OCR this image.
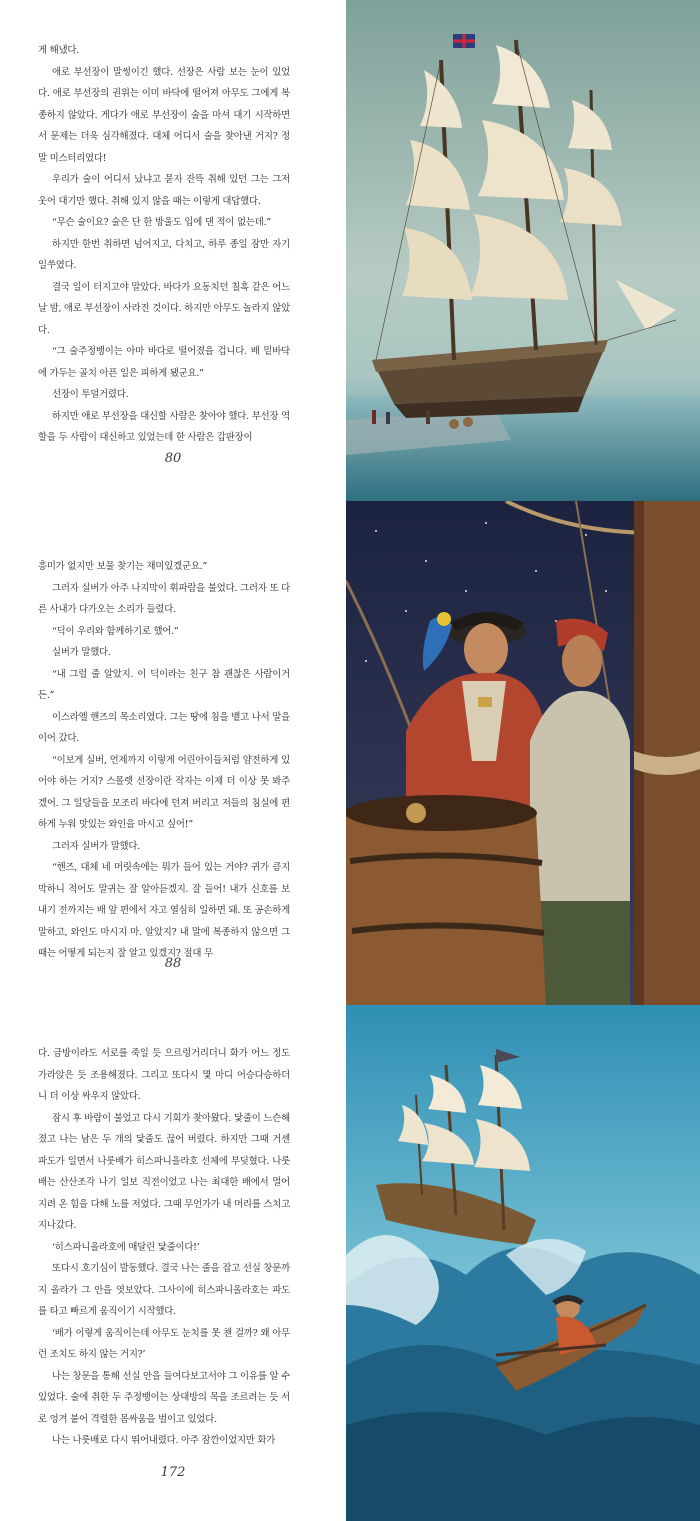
게 해냈다.

애로 부선장이 말썽이긴 했다. 선장은 사람 보는 눈이 있었다. 애로 부선장의 권위는 이미 바닥에 떨어져 아무도 그에게 복종하지 않았다. 게다가 애로 부선장이 술을 마셔 대기 시작하면서 문제는 더욱 심각해졌다. 대체 어디서 술을 찾아낸 거지? 정말 미스터리였다!

우리가 술이 어디서 났냐고 묻자 잔뜩 취해 있던 그는 그저 웃어 대기만 했다. 취해 있지 않을 때는 이렇게 대답했다.

“무슨 술이요? 술은 단 한 방울도 입에 댄 적이 없는데.”

하지만 한번 취하면 넘어지고, 다치고, 하루 종일 잠만 자기 일쑤였다.

결국 일이 터지고야 말았다. 바다가 요동치던 칠흑 같은 어느 날 밤, 애로 부선장이 사라진 것이다. 하지만 아무도 놀라지 않았다.

“그 술주정뱅이는 아마 바다로 떨어졌을 겁니다. 배 밑바닥에 가두는 골치 아픈 일은 피하게 됐군요.”

선장이 투덜거렸다.

하지만 애로 부선장을 대신할 사람은 찾아야 했다. 부선장 역할을 두 사람이 대신하고 있었는데 한 사람은 갑판장이

80

흥미가 없지만 보물 찾기는 재미있겠군요.”

그러자 실버가 아주 나지막이 휘파람을 불었다. 그러자 또 다른 사내가 다가오는 소리가 들렸다.

“딕이 우리와 함께하기로 했어.”

실버가 말했다.

“내 그럴 줄 알았지. 이 딕이라는 친구 참 괜찮은 사람이거든.”

이스라엘 핸즈의 목소리였다. 그는 땅에 침을 뱉고 나서 말을 이어 갔다.

“이보게 실버, 언제까지 이렇게 어린아이들처럼 얌전하게 있어야 하는 거지? 스몰렛 선장이란 작자는 이제 더 이상 못 봐주겠어. 그 일당들을 모조리 바다에 던져 버리고 저들의 침실에 편하게 누워 맛있는 와인을 마시고 싶어!”

그러자 실버가 말했다.

“핸즈, 대체 네 머릿속에는 뭐가 들어 있는 거야? 귀가 큼지막하니 적어도 말귀는 잘 알아듣겠지. 잘 들어! 내가 신호를 보내기 전까지는 배 앞 편에서 자고 열심히 일하면 돼. 또 공손하게 말하고, 와인도 마시지 마. 알았지? 내 말에 복종하지 않으면 그때는 어떻게 되는지 잘 알고 있겠지? 절대 무

88

다. 금방이라도 서로를 죽일 듯 으르렁거리더니 화가 어느 정도 가라앉은 듯 조용해졌다. 그리고 또다시 몇 마디 어승다승하더니 더 이상 싸우지 않았다.

잠시 후 바람이 불었고 다시 기회가 찾아왔다. 닻줄이 느슨해졌고 나는 남은 두 개의 닻줄도 끊어 버렸다. 하지만 그때 거센 파도가 일면서 나룻배가 히스파니올라호 선체에 부딪혔다. 나룻배는 산산조각 나기 일보 직전이었고 나는 최대한 배에서 멀어지려 온 힘을 다해 노를 저었다. 그때 무언가가 내 머리를 스치고 지나갔다.

‘히스파니올라호에 매달린 닻줄이다!’

또다시 호기심이 발동했다. 결국 나는 줄을 잡고 선실 창문까지 올라가 그 안을 엿보았다. 그사이에 히스파니올라호는 파도를 타고 빠르게 움직이기 시작했다.

‘배가 이렇게 움직이는데 아무도 눈치를 못 챈 걸까? 왜 아무런 조치도 하지 않는 거지?’

나는 창문을 통해 선실 안을 들여다보고서야 그 이유를 알 수 있었다. 술에 취한 두 주정뱅이는 상대방의 목을 조르려는 듯 서로 엉겨 붙어 격렬한 몸싸움을 벌이고 있었다.

나는 나룻배로 다시 뛰어내렸다. 아주 잠깐이었지만 화가

172
